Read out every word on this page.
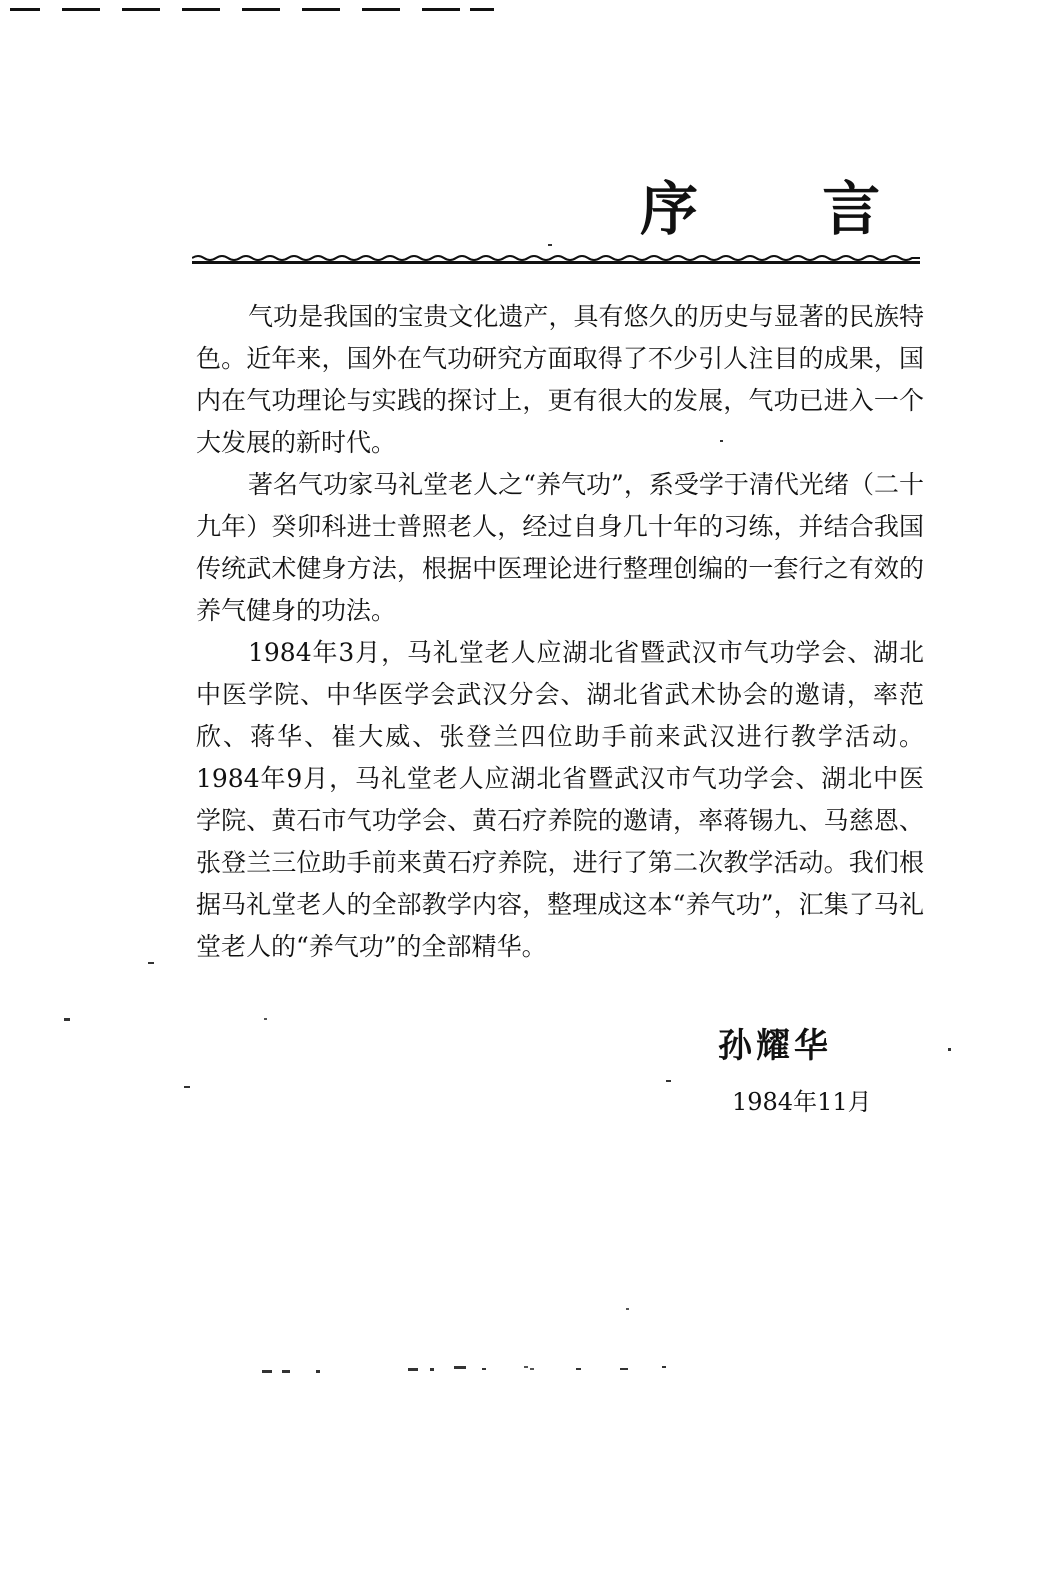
序 言

气功是我国的宝贵文化遗产，具有悠久的历史与显著的民族特色。近年来，国外在气功研究方面取得了不少引人注目的成果，国内在气功理论与实践的探讨上，更有很大的发展，气功已进入一个大发展的新时代。

著名气功家马礼堂老人之“养气功”，系受学于清代光绪（二十九年）癸卯科进士普照老人，经过自身几十年的习练，并结合我国传统武术健身方法，根据中医理论进行整理创编的一套行之有效的养气健身的功法。

1984年3月，马礼堂老人应湖北省暨武汉市气功学会、湖北中医学院、中华医学会武汉分会、湖北省武术协会的邀请，率范欣、蒋华、崔大威、张登兰四位助手前来武汉进行教学活动。1984年9月，马礼堂老人应湖北省暨武汉市气功学会、湖北中医学院、黄石市气功学会、黄石疗养院的邀请，率蒋锡九、马慈恩、张登兰三位助手前来黄石疗养院，进行了第二次教学活动。我们根据马礼堂老人的全部教学内容，整理成这本“养气功”，汇集了马礼堂老人的“养气功”的全部精华。

孙耀华
1984年11月
